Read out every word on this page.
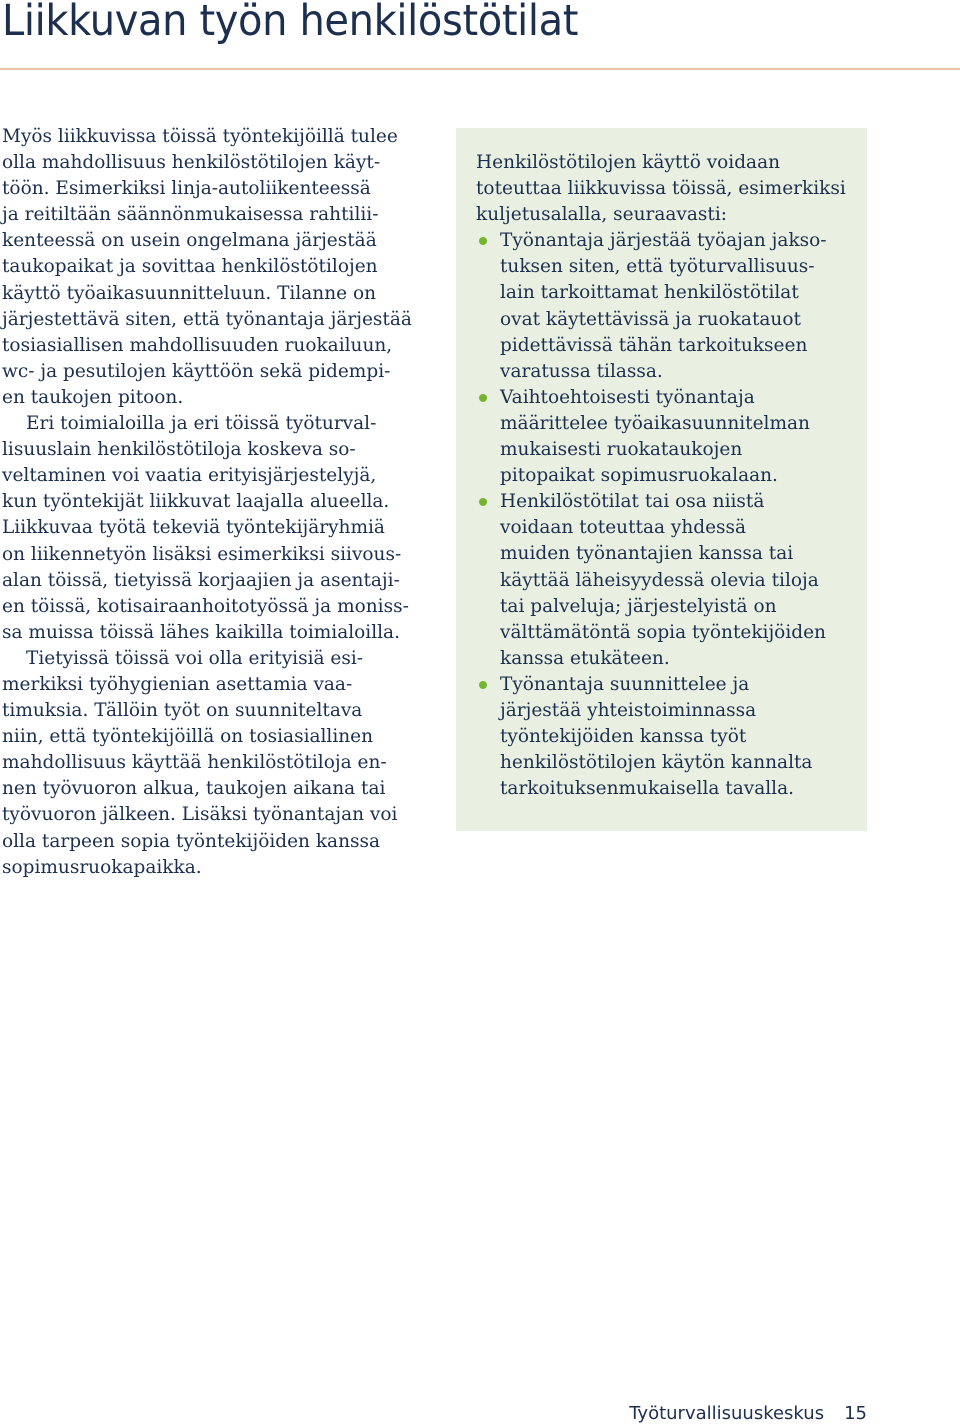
Liikkuvan työn henkilöstötilat
Myös liikkuvissa töissä työntekijöillä tulee
olla mahdollisuus henkilöstötilojen käyt-
töön. Esimerkiksi linja-autoliikenteessä
ja reitiltään säännönmukaisessa rahtilii-
kenteessä on usein ongelmana järjestää
taukopaikat ja sovittaa henkilöstötilojen
käyttö työaikasuunnitteluun. Tilanne on
järjestettävä siten, että työnantaja järjestää
tosiasiallisen mahdollisuuden ruokailuun,
wc- ja pesutilojen käyttöön sekä pidempi-
en taukojen pitoon.
Eri toimialoilla ja eri töissä työturval-
lisuuslain henkilöstötiloja koskeva so-
veltaminen voi vaatia erityisjärjestelyjä,
kun työntekijät liikkuvat laajalla alueella.
Liikkuvaa työtä tekeviä työntekijäryhmiä
on liikennetyön lisäksi esimerkiksi siivous-
alan töissä, tietyissä korjaajien ja asentaji-
en töissä, kotisairaanhoitotyössä ja moniss-
sa muissa töissä lähes kaikilla toimialoilla.
Tietyissä töissä voi olla erityisiä esi-
merkiksi työhygienian asettamia vaa-
timuksia. Tällöin työt on suunniteltava
niin, että työntekijöillä on tosiasiallinen
mahdollisuus käyttää henkilöstötiloja en-
nen työvuoron alkua, taukojen aikana tai
työvuoron jälkeen. Lisäksi työnantajan voi
olla tarpeen sopia työntekijöiden kanssa
sopimusruokapaikka.
Henkilöstötilojen käyttö voidaan
toteuttaa liikkuvissa töissä, esimerkiksi
kuljetusalalla, seuraavasti:
Työnantaja järjestää työajan jakso-
tuksen siten, että työturvallisuus-
lain tarkoittamat henkilöstötilat
ovat käytettävissä ja ruokatauot
pidettävissä tähän tarkoitukseen
varatussa tilassa.
Vaihtoehtoisesti työnantaja
määrittelee työaikasuunnitelman
mukaisesti ruokataukojen
pitopaikat sopimusruokalaan.
Henkilöstötilat tai osa niistä
voidaan toteuttaa yhdessä
muiden työnantajien kanssa tai
käyttää läheisyydessä olevia tiloja
tai palveluja; järjestelyistä on
välttämätöntä sopia työntekijöiden
kanssa etukäteen.
Työnantaja suunnittelee ja
järjestää yhteistoiminnassa
työntekijöiden kanssa työt
henkilöstötilojen käytön kannalta
tarkoituksenmukaisella tavalla.
Työturvallisuuskeskus 15
